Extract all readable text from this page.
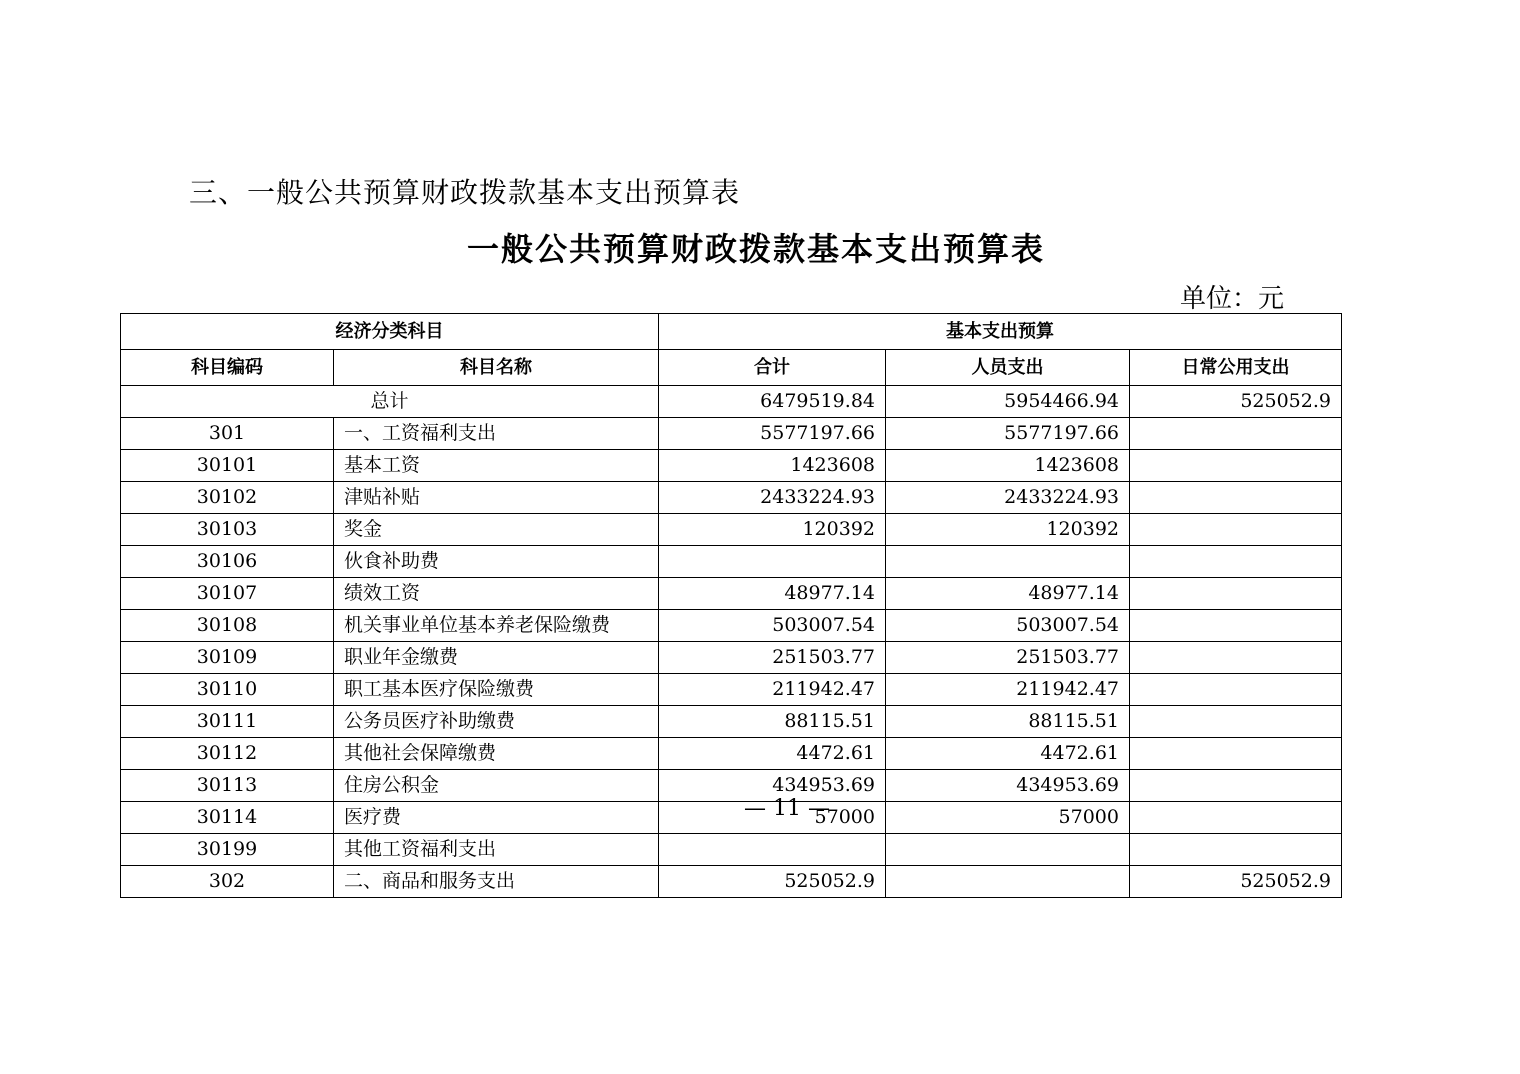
三、一般公共预算财政拨款基本支出预算表
一般公共预算财政拨款基本支出预算表
单位：元
经济分类科目		基本支出预算		
科目编码	科目名称	合计	人员支出	日常公用支出
总计		6479519.84	5954466.94	525052.9
301	一、工资福利支出	5577197.66	5577197.66	
30101	基本工资	1423608	1423608	
30102	津贴补贴	2433224.93	2433224.93	
30103	奖金	120392	120392	
30106	伙食补助费			
30107	绩效工资	48977.14	48977.14	
30108	机关事业单位基本养老保险缴费	503007.54	503007.54	
30109	职业年金缴费	251503.77	251503.77	
30110	职工基本医疗保险缴费	211942.47	211942.47	
30111	公务员医疗补助缴费	88115.51	88115.51	
30112	其他社会保障缴费	4472.61	4472.61	
30113	住房公积金	434953.69	434953.69	
30114	医疗费	57000	57000	
30199	其他工资福利支出			
302	二、商品和服务支出	525052.9		525052.9
— 11 —
